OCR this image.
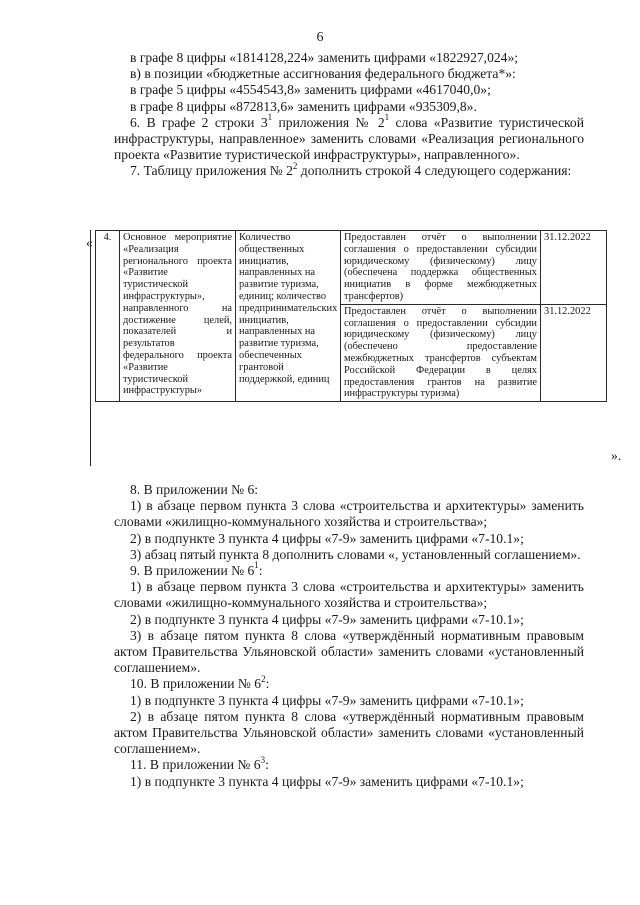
6

в графе 8 цифры «1814128,224» заменить цифрами «1822927,024»;

в) в позиции «бюджетные ассигнования федерального бюджета*»:

в графе 5 цифры «4554543,8» заменить цифрами «4617040,0»;

в графе 8 цифры «872813,6» заменить цифрами «935309,8».

6. В графе 2 строки $3^1$ приложения № $2^1$ слова «Развитие туристической инфраструктуры, направленное» заменить словами «Реализация регионального проекта «Развитие туристической инфраструктуры», направленного».

7. Таблицу приложения № $2^2$ дополнить строкой 4 следующего содержания:

« 4.	Основное мероприятие «Реализация регионального проекта «Развитие туристической инфраструктуры», направленного на достижение целей, показателей и результатов федерального проекта «Развитие туристической инфраструктуры»	Количество общественных инициатив, направленных на развитие туризма, единиц; количество предпринимательских инициатив, направленных на развитие туризма, обеспеченных грантовой поддержкой, единиц	Предоставлен отчёт о выполнении соглашения о предоставлении субсидии юридическому (физическому) лицу (обеспечена поддержка общественных инициатив в форме межбюджетных трансфертов)	31.12.2022
			Предоставлен отчёт о выполнении соглашения о предоставлении субсидии юридическому (физическому) лицу (обеспечено предоставление межбюджетных трансфертов субъектам Российской Федерации в целях предоставления грантов на развитие инфраструктуры туризма)	31.12.2022
».

8. В приложении № 6:

1) в абзаце первом пункта 3 слова «строительства и архитектуры» заменить словами «жилищно-коммунального хозяйства и строительства»;

2) в подпункте 3 пункта 4 цифры «7-9» заменить цифрами «7-10.1»;

3) абзац пятый пункта 8 дополнить словами «, установленный соглашением».

9. В приложении № $6^1$:

1) в абзаце первом пункта 3 слова «строительства и архитектуры» заменить словами «жилищно-коммунального хозяйства и строительства»;

2) в подпункте 3 пункта 4 цифры «7-9» заменить цифрами «7-10.1»;

3) в абзаце пятом пункта 8 слова «утверждённый нормативным правовым актом Правительства Ульяновской области» заменить словами «установленный соглашением».

10. В приложении № $6^2$:

1) в подпункте 3 пункта 4 цифры «7-9» заменить цифрами «7-10.1»;

2) в абзаце пятом пункта 8 слова «утверждённый нормативным правовым актом Правительства Ульяновской области» заменить словами «установленный соглашением».

11. В приложении № $6^3$:

1) в подпункте 3 пункта 4 цифры «7-9» заменить цифрами «7-10.1»;
